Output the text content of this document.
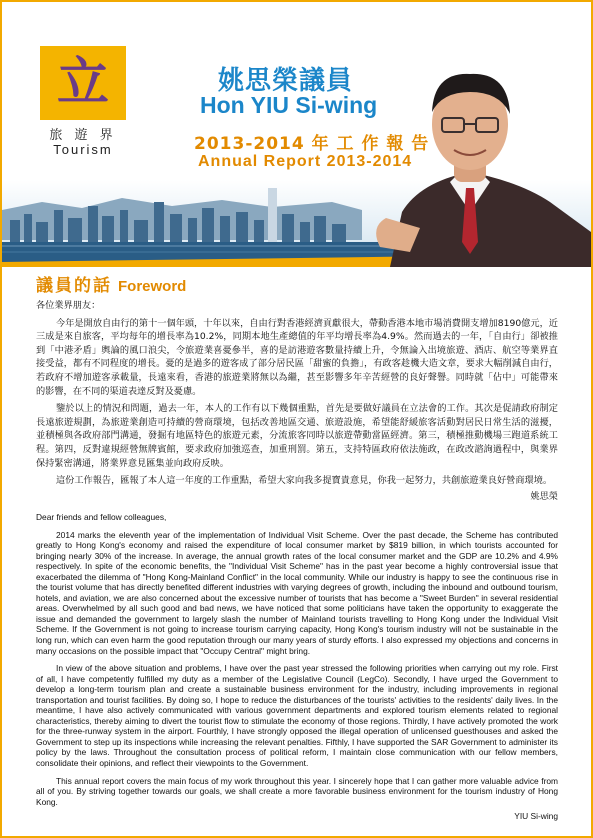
立
旅 遊 界
Tourism
姚思榮議員
Hon YIU Si-wing
2013-2014 年 工 作 報 告
Annual Report 2013-2014
議員的話 Foreword

各位業界朋友：

今年是開放自由行的第十一個年頭，十年以來，自由行對香港經濟貢獻很大，帶動香港本地市場消費開支增加8190億元，近三成是來自旅客，平均每年的增長率為10.2%，同期本地生產總值的年平均增長率為4.9%。然而過去的一年，「自由行」卻被推到「中港矛盾」輿論的風口浪尖，令旅遊業喜憂參半，喜的是訪港遊客數量持續上升，令無論入出境旅遊、酒店、航空等業界直接受益，都有不同程度的增長。憂的是過多的遊客成了部分居民區「甜蜜的負擔」，有政客趁機大造文章，要求大幅削減自由行，若政府不增加遊客承載量，長遠來看，香港的旅遊業將無以為繼，甚至影響多年辛苦經營的良好聲譽。同時就「佔中」可能帶來的影響，在不同的渠道表達反對及憂慮。

鑒於以上的情況和問題，過去一年，本人的工作有以下幾個重點，首先是要做好議員在立法會的工作。其次是促請政府制定長遠旅遊規劃，為旅遊業創造可持續的營商環境，包括改善地區交通、旅遊設施，希望能舒緩旅客活動對居民日常生活的滋擾，並積極與各政府部門溝通，發掘有地區特色的旅遊元素，分流旅客同時以旅遊帶動當區經濟。第三，積極推動機場三跑道系統工程。第四，反對違規經營無牌賓館，要求政府加強巡查，加重刑罰。第五，支持特區政府依法施政，在政改諮詢過程中，與業界保持緊密溝通，將業界意見匯集並向政府反映。

這份工作報告，匯報了本人這一年度的工作重點，希望大家向我多提寶貴意見，你我一起努力，共創旅遊業良好營商環境。

姚思榮

Dear friends and fellow colleagues,

2014 marks the eleventh year of the implementation of Individual Visit Scheme. Over the past decade, the Scheme has contributed greatly to Hong Kong's economy and raised the expenditure of local consumer market by $819 billion, in which tourists accounted for bringing nearly 30% of the increase. In average, the annual growth rates of the local consumer market and the GDP are 10.2% and 4.9% respectively. In spite of the economic benefits, the "Individual Visit Scheme" has in the past year become a highly controversial issue that exacerbated the dilemma of "Hong Kong-Mainland Conflict" in the local community. While our industry is happy to see the continuous rise in the tourist volume that has directly benefited different industries with varying degrees of growth, including the inbound and outbound tourism, hotels, and aviation, we are also concerned about the excessive number of tourists that has become a "Sweet Burden" in several residential areas. Overwhelmed by all such good and bad news, we have noticed that some politicians have taken the opportunity to exaggerate the issue and demanded the government to largely slash the number of Mainland tourists travelling to Hong Kong under the Individual Visit Scheme. If the Government is not going to increase tourism carrying capacity, Hong Kong's tourism industry will not be sustainable in the long run, which can even harm the good reputation through our many years of sturdy efforts. I also expressed my objections and concerns in many occasions on the possible impact that "Occupy Central" might bring.

In view of the above situation and problems, I have over the past year stressed the following priorities when carrying out my role. First of all, I have competently fulfilled my duty as a member of the Legislative Council (LegCo). Secondly, I have urged the Government to develop a long-term tourism plan and create a sustainable business environment for the industry, including improvements in regional transportation and tourist facilities. By doing so, I hope to reduce the disturbances of the tourists' activities to the residents' daily lives. In the meantime, I have also actively communicated with various government departments and explored tourism elements related to regional characteristics, thereby aiming to divert the tourist flow to stimulate the economy of those regions. Thirdly, I have actively promoted the work for the three-runway system in the airport. Fourthly, I have strongly opposed the illegal operation of unlicensed guesthouses and asked the Government to step up its inspections while increasing the relevant penalties. Fifthly, I have supported the SAR Government to administer its policy by the laws. Throughout the consultation process of political reform, I maintain close communication with our fellow members, consolidate their opinions, and reflect their viewpoints to the Government.

This annual report covers the main focus of my work throughout this year. I sincerely hope that I can gather more valuable advice from all of you. By striving together towards our goals, we shall create a more favorable business environment for the tourism industry of Hong Kong.

YIU Si-wing
